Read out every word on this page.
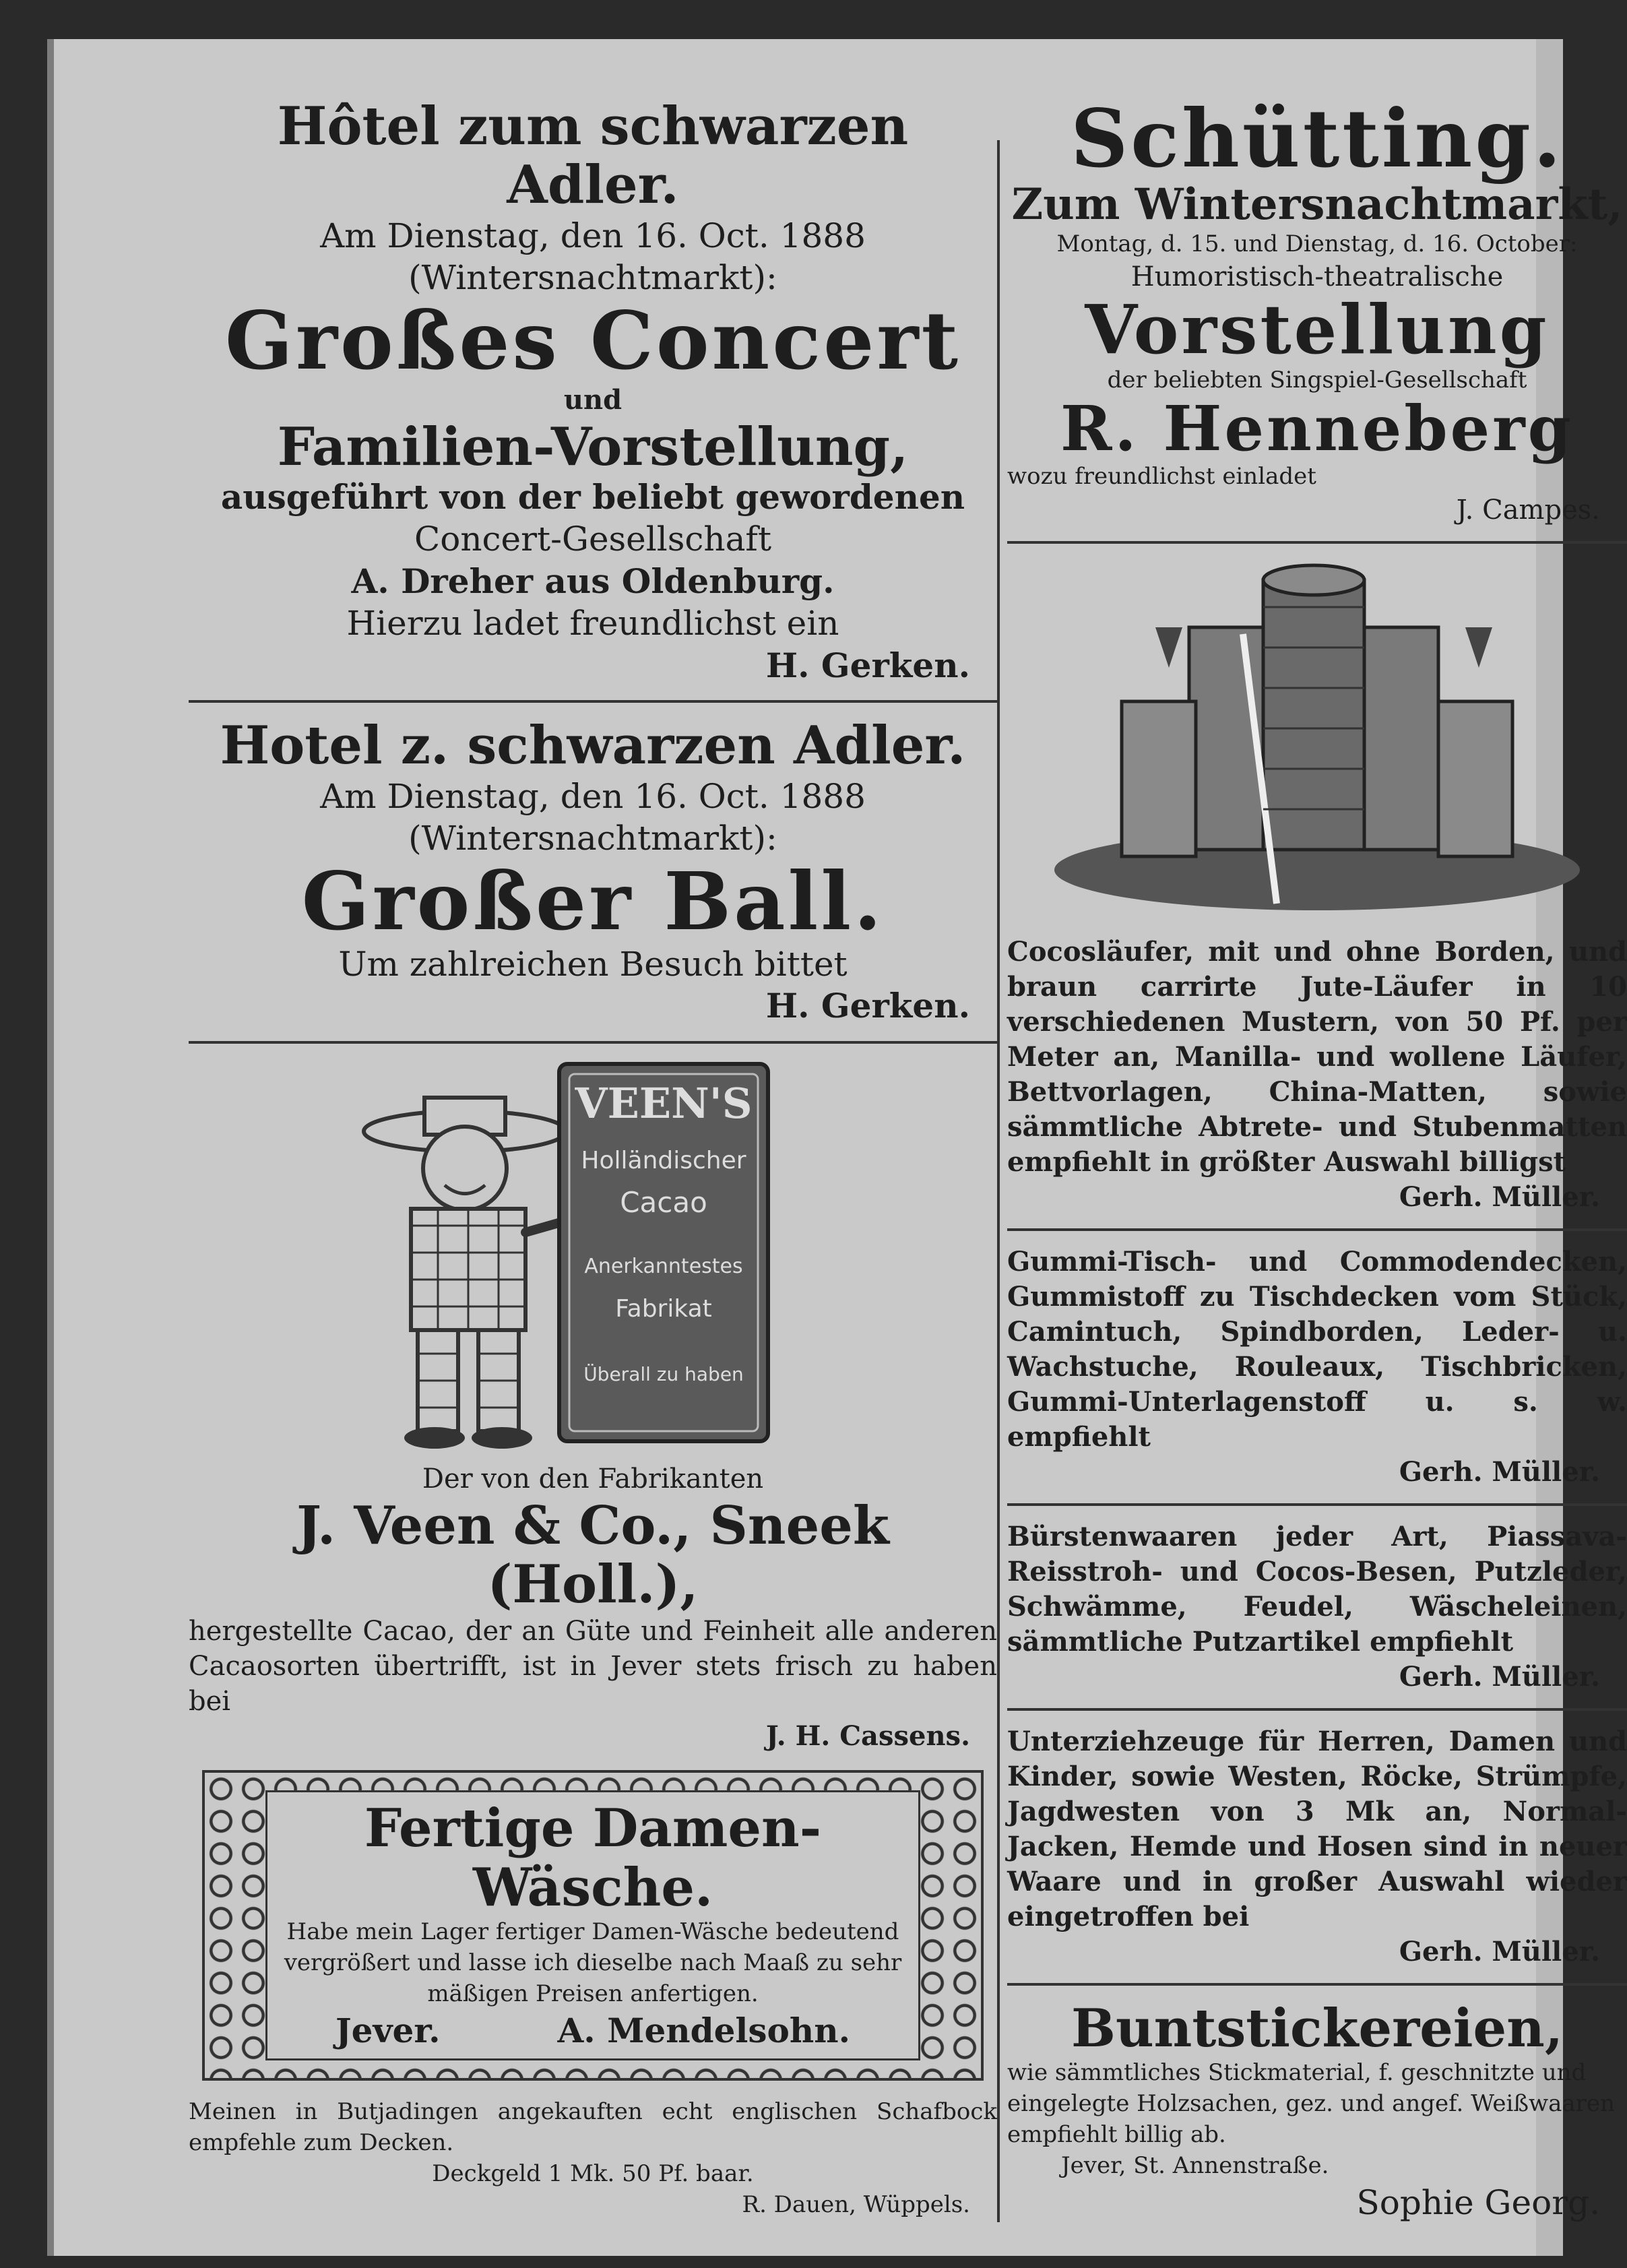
Hôtel zum schwarzen Adler.
Am Dienstag, den 16. Oct. 1888
(Wintersnachtmarkt):
Großes Concert
und
Familien-Vorstellung,
ausgeführt von der beliebt gewordenen
Concert-Gesellschaft
A. Dreher aus Oldenburg.
Hierzu ladet freundlichst ein
H. Gerken.
Hotel z. schwarzen Adler.
Am Dienstag, den 16. Oct. 1888
(Wintersnachtmarkt):
Großer Ball.
Um zahlreichen Besuch bittet
H. Gerken.
VEEN'S
Holländischer
Cacao
Anerkanntestes
Fabrikat
Überall zu haben
Der von den Fabrikanten
J. Veen & Co., Sneek (Holl.),
hergestellte Cacao, der an Güte und Feinheit alle anderen Cacaosorten übertrifft, ist in Jever stets frisch zu haben bei
J. H. Cassens.
Fertige Damen-Wäsche.
Habe mein Lager fertiger Damen-Wäsche bedeutend vergrößert und lasse ich dieselbe nach Maaß zu sehr mäßigen Preisen anfertigen.
Jever.	A. Mendelsohn.
Meinen in Butjadingen angekauften echt englischen Schafbock empfehle zum Decken.
Deckgeld 1 Mk. 50 Pf. baar.
R. Dauen, Wüppels.
Schütting.
Zum Wintersnachtmarkt,
Montag, d. 15. und Dienstag, d. 16. October:
Humoristisch-theatralische
Vorstellung
der beliebten Singspiel-Gesellschaft
R. Henneberg
wozu freundlichst einladet
J. Campes.
Cocosläufer, mit und ohne Borden, und braun carrirte Jute-Läufer in 10 verschiedenen Mustern, von 50 Pf. per Meter an, Manilla- und wollene Läufer, Bettvorlagen, China-Matten, sowie sämmtliche Abtrete- und Stubenmatten empfiehlt in größter Auswahl billigst
Gerh. Müller.
Gummi-Tisch- und Commodendecken, Gummistoff zu Tischdecken vom Stück, Camintuch, Spindborden, Leder- u. Wachstuche, Rouleaux, Tischbricken, Gummi-Unterlagenstoff u. s. w. empfiehlt
Gerh. Müller.
Bürstenwaaren jeder Art, Piassava-Reisstroh- und Cocos-Besen, Putzleder, Schwämme, Feudel, Wäscheleinen, sämmtliche Putzartikel empfiehlt
Gerh. Müller.
Unterziehzeuge für Herren, Damen und Kinder, sowie Westen, Röcke, Strümpfe, Jagdwesten von 3 Mk an, Normal-Jacken, Hemde und Hosen sind in neuer Waare und in großer Auswahl wieder eingetroffen bei
Gerh. Müller.
Buntstickereien,
wie sämmtliches Stickmaterial, f. geschnitzte und eingelegte Holzsachen, gez. und angef. Weißwaaren empfiehlt billig ab.
Jever, St. Annenstraße.
Sophie Georg.
